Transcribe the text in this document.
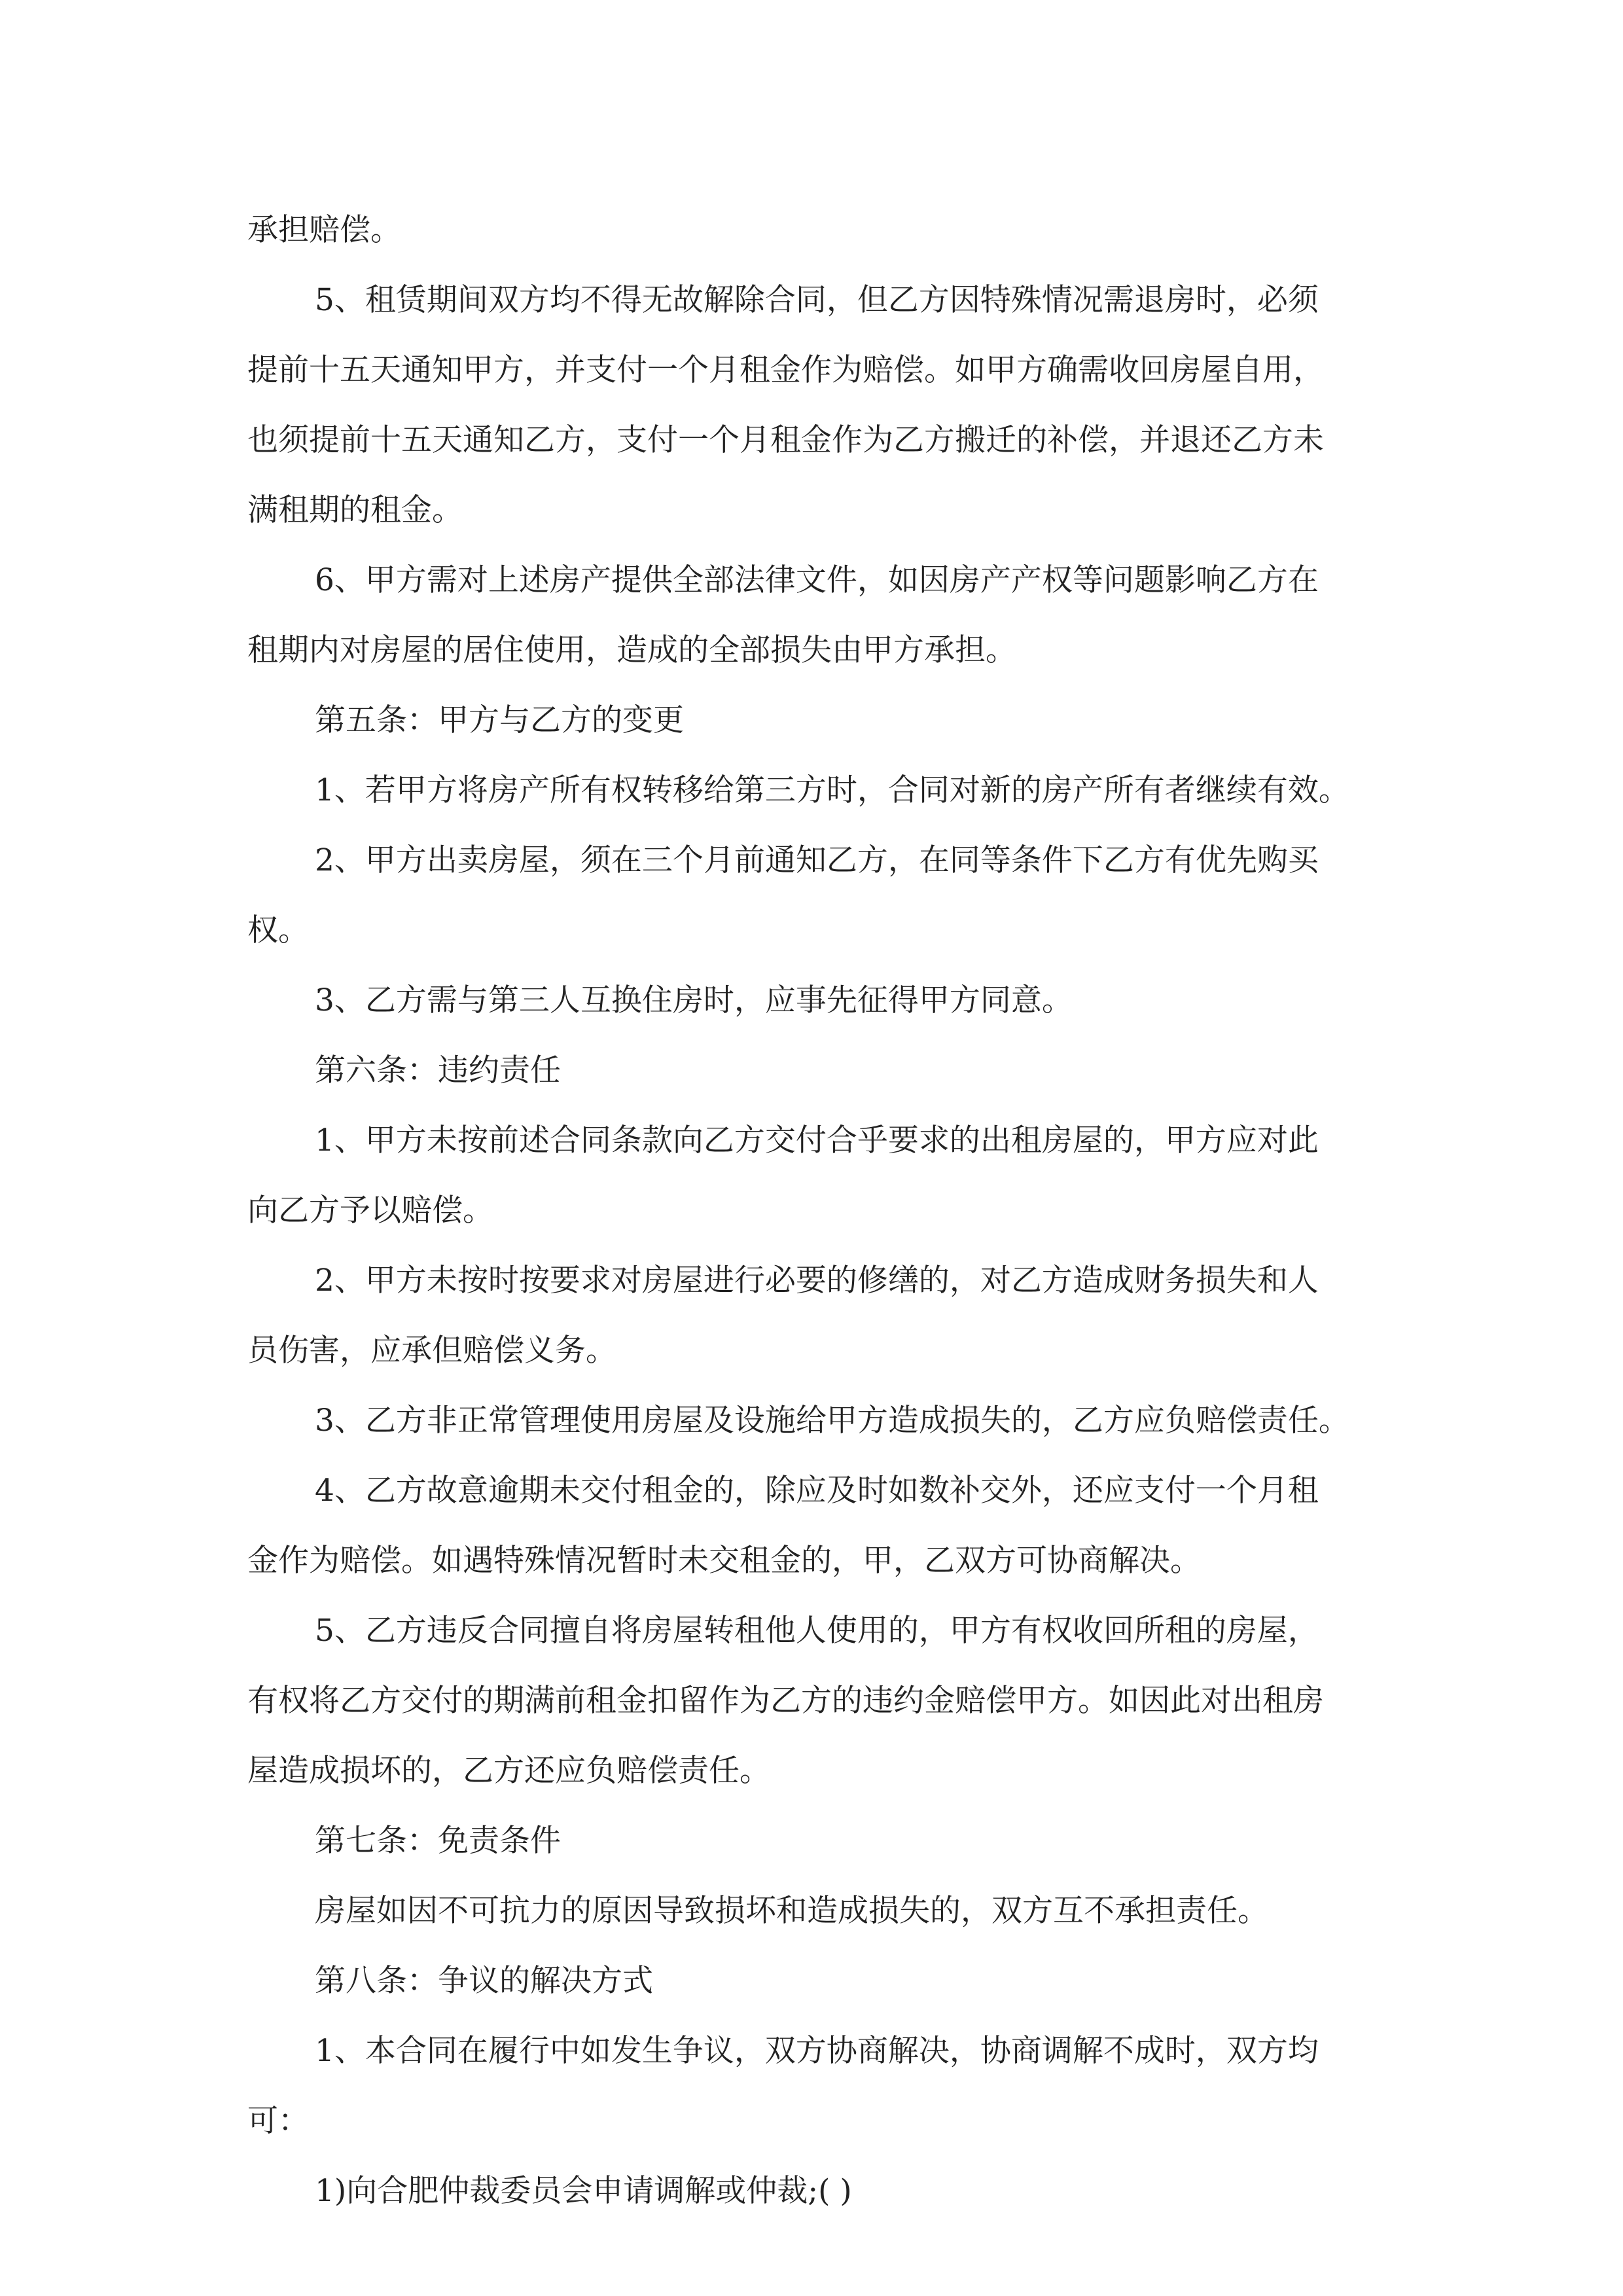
承担赔偿。

5、租赁期间双方均不得无故解除合同，但乙方因特殊情况需退房时，必须

提前十五天通知甲方，并支付一个月租金作为赔偿。如甲方确需收回房屋自用，

也须提前十五天通知乙方，支付一个月租金作为乙方搬迁的补偿，并退还乙方未

满租期的租金。

6、甲方需对上述房产提供全部法律文件，如因房产产权等问题影响乙方在

租期内对房屋的居住使用，造成的全部损失由甲方承担。

第五条：甲方与乙方的变更

1、若甲方将房产所有权转移给第三方时，合同对新的房产所有者继续有效。

2、甲方出卖房屋，须在三个月前通知乙方，在同等条件下乙方有优先购买

权。

3、乙方需与第三人互换住房时，应事先征得甲方同意。

第六条：违约责任

1、甲方未按前述合同条款向乙方交付合乎要求的出租房屋的，甲方应对此

向乙方予以赔偿。

2、甲方未按时按要求对房屋进行必要的修缮的，对乙方造成财务损失和人

员伤害，应承但赔偿义务。

3、乙方非正常管理使用房屋及设施给甲方造成损失的，乙方应负赔偿责任。

4、乙方故意逾期未交付租金的，除应及时如数补交外，还应支付一个月租

金作为赔偿。如遇特殊情况暂时未交租金的，甲，乙双方可协商解决。

5、乙方违反合同擅自将房屋转租他人使用的，甲方有权收回所租的房屋，

有权将乙方交付的期满前租金扣留作为乙方的违约金赔偿甲方。如因此对出租房

屋造成损坏的，乙方还应负赔偿责任。

第七条：免责条件

房屋如因不可抗力的原因导致损坏和造成损失的，双方互不承担责任。

第八条：争议的解决方式

1、本合同在履行中如发生争议，双方协商解决，协商调解不成时，双方均

可：

1)向合肥仲裁委员会申请调解或仲裁;( )
